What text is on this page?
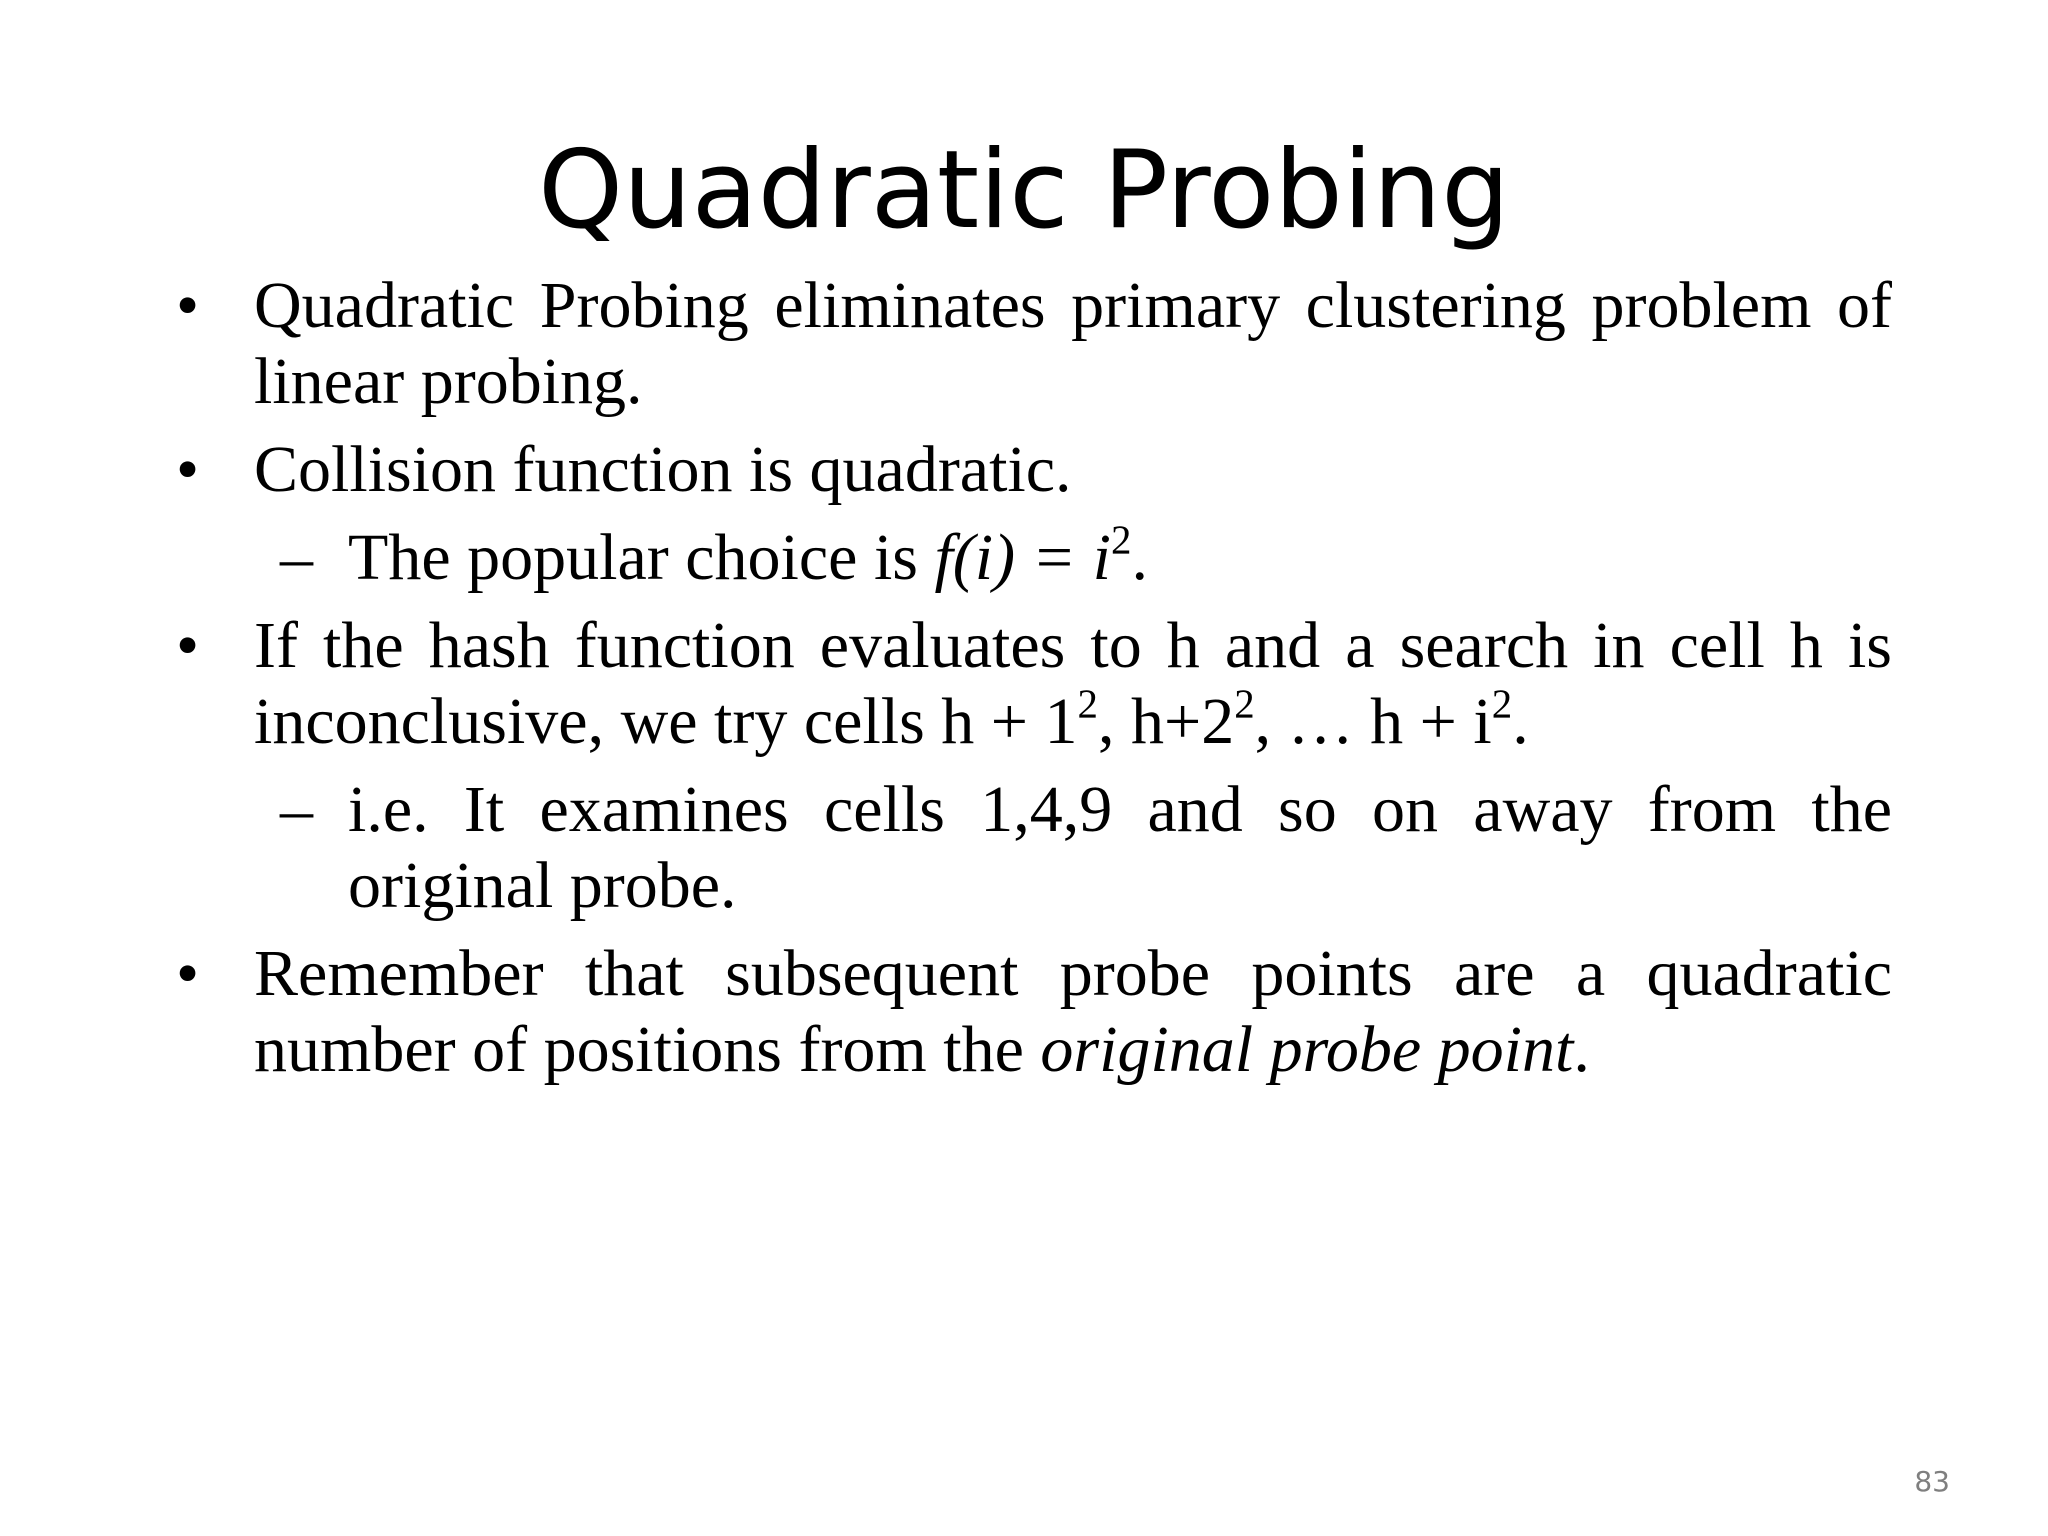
Quadratic Probing
• Quadratic Probing eliminates primary clustering problem of linear probing.
• Collision function is quadratic.
– The popular choice is $f(i) = i^2$.
• If the hash function evaluates to h and a search in cell h is inconclusive, we try cells $h + 1^2$, $h+2^2$, … $h + i^2$.
– i.e. It examines cells 1,4,9 and so on away from the original probe.
• Remember that subsequent probe points are a quadratic number of positions from the original probe point.
83
